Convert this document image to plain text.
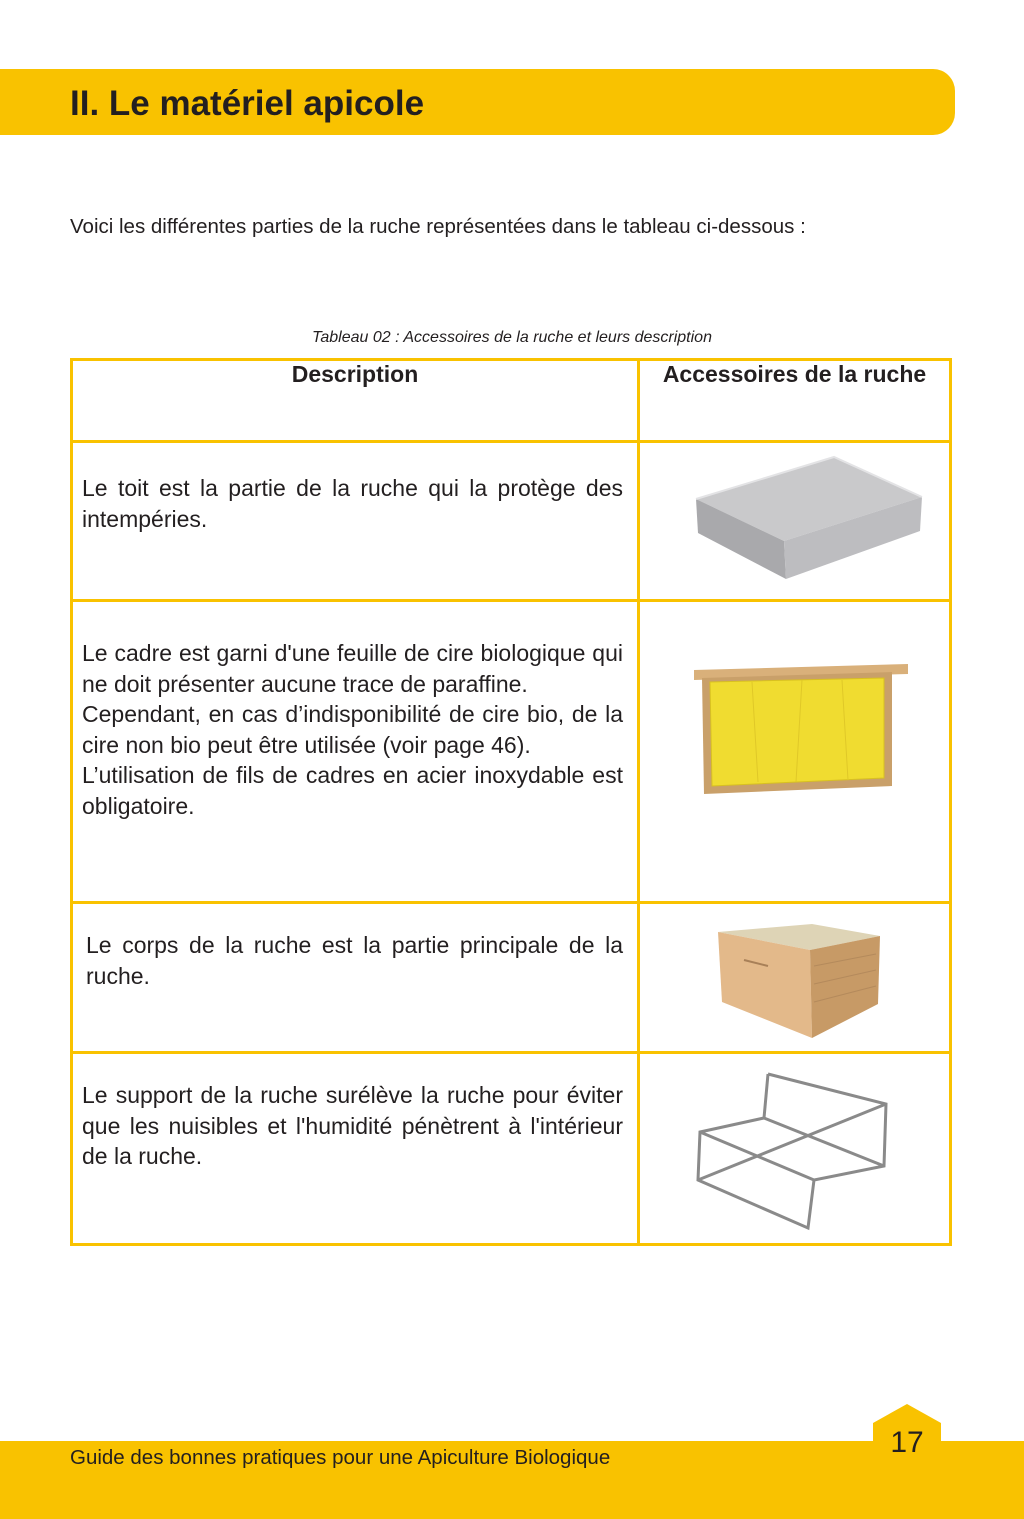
II. Le matériel apicole

Voici les différentes parties de la ruche représentées dans le tableau ci-dessous :

Tableau 02 : Accessoires de la ruche et leurs description

Description	Accessoires de la ruche

Le toit est la partie de la ruche qui la protège des intempéries.

Le cadre est garni d'une feuille de cire biologique qui ne doit présenter aucune trace de paraffine.

Cependant, en cas d’indisponibilité de cire bio, de la cire non bio peut être utilisée (voir page 46).

L’utilisation de fils de cadres en acier inoxydable est obligatoire.

Le corps de la ruche est la partie principale de la ruche.

Le support de la ruche surélève la ruche pour éviter que les nuisibles et l'humidité pénètrent à l'intérieur de la ruche.

Guide des bonnes pratiques pour une Apiculture Biologique	17
